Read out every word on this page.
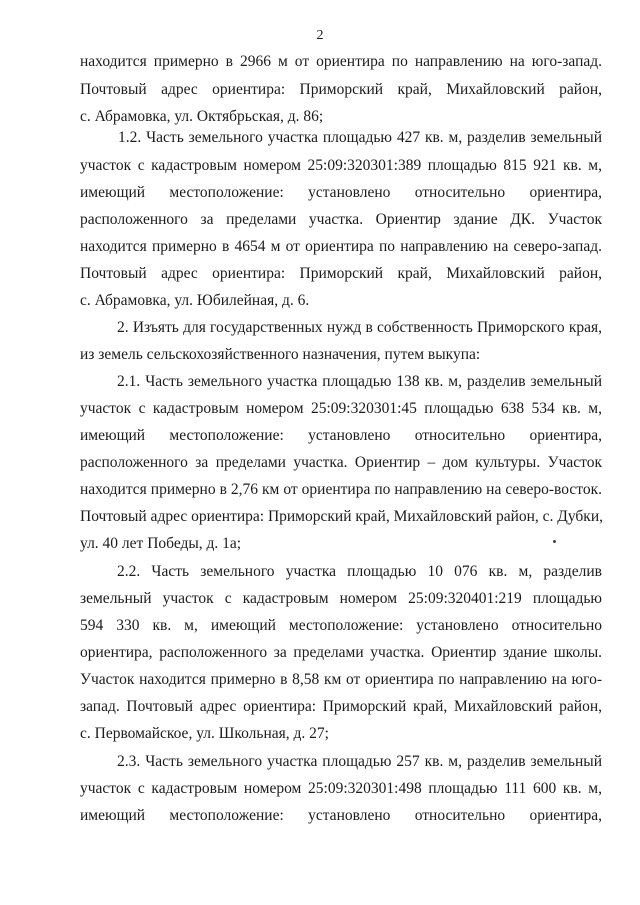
2
находится примерно в 2966 м от ориентира по направлению на юго-запад.
Почтовый адрес ориентира: Приморский край, Михайловский район,
с. Абрамовка, ул. Октябрьская, д. 86;
1.2. Часть земельного участка площадью 427 кв. м, разделив земельный
участок с кадастровым номером 25:09:320301:389 площадью 815 921 кв. м,
имеющий местоположение: установлено относительно ориентира,
расположенного за пределами участка. Ориентир здание ДК. Участок
находится примерно в 4654 м от ориентира по направлению на северо-запад.
Почтовый адрес ориентира: Приморский край, Михайловский район,
с. Абрамовка, ул. Юбилейная, д. 6.
2. Изъять для государственных нужд в собственность Приморского края,
из земель сельскохозяйственного назначения, путем выкупа:
2.1. Часть земельного участка площадью 138 кв. м, разделив земельный
участок с кадастровым номером 25:09:320301:45 площадью 638 534 кв. м,
имеющий местоположение: установлено относительно ориентира,
расположенного за пределами участка. Ориентир – дом культуры. Участок
находится примерно в 2,76 км от ориентира по направлению на северо-восток.
Почтовый адрес ориентира: Приморский край, Михайловский район, с. Дубки,
ул. 40 лет Победы, д. 1а;
2.2. Часть земельного участка площадью 10 076 кв. м, разделив
земельный участок с кадастровым номером 25:09:320401:219 площадью
594 330 кв. м, имеющий местоположение: установлено относительно
ориентира, расположенного за пределами участка. Ориентир здание школы.
Участок находится примерно в 8,58 км от ориентира по направлению на юго-
запад. Почтовый адрес ориентира: Приморский край, Михайловский район,
с. Первомайское, ул. Школьная, д. 27;
2.3. Часть земельного участка площадью 257 кв. м, разделив земельный
участок с кадастровым номером 25:09:320301:498 площадью 111 600 кв. м,
имеющий местоположение: установлено относительно ориентира,
